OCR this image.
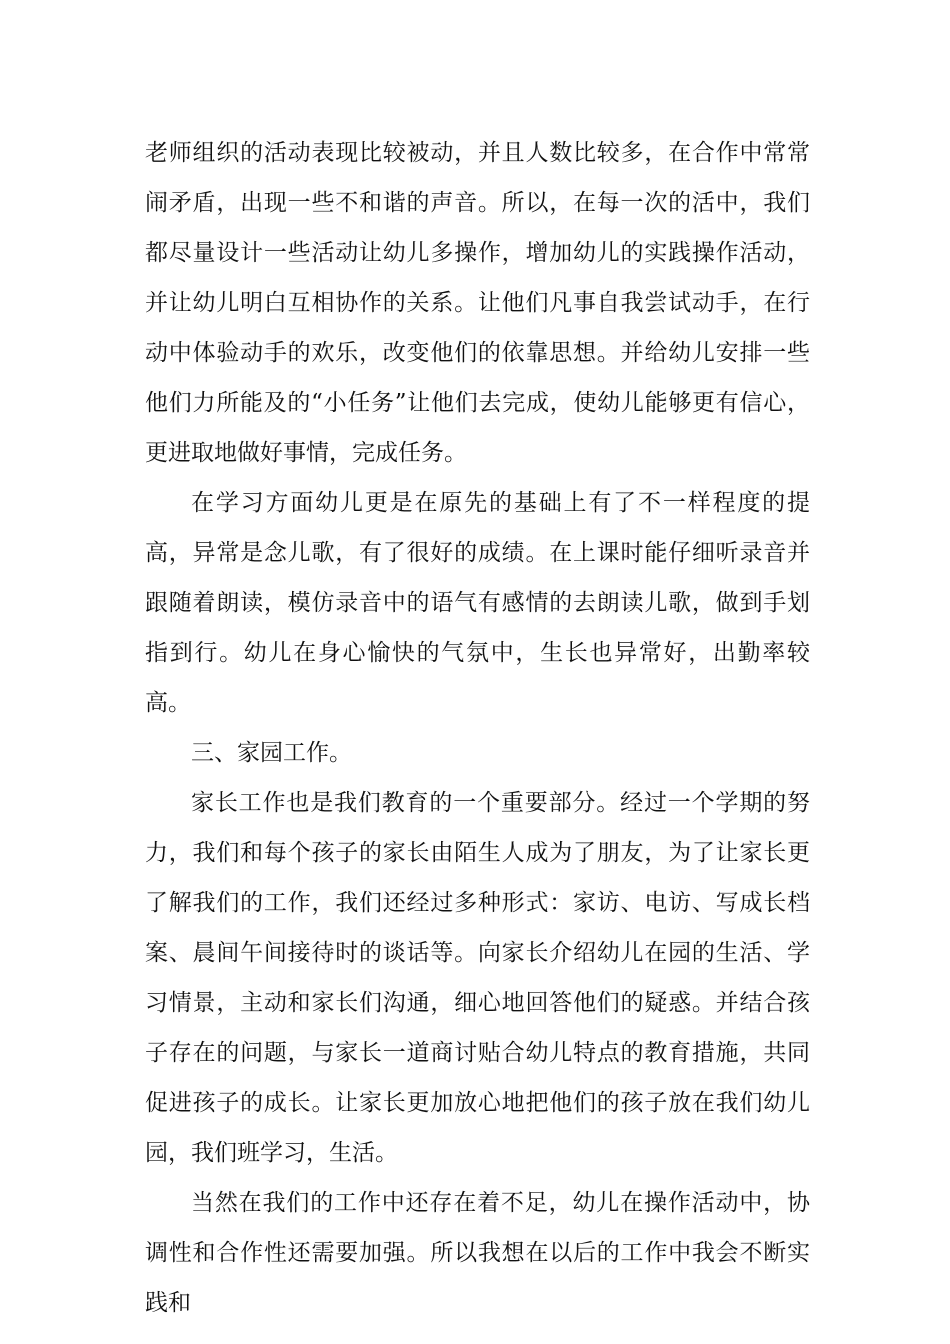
老师组织的活动表现比较被动，并且人数比较多，在合作中常常闹矛盾，出现一些不和谐的声音。所以，在每一次的活中，我们都尽量设计一些活动让幼儿多操作，增加幼儿的实践操作活动，并让幼儿明白互相协作的关系。让他们凡事自我尝试动手，在行动中体验动手的欢乐，改变他们的依靠思想。并给幼儿安排一些他们力所能及的“小任务”让他们去完成，使幼儿能够更有信心，更进取地做好事情，完成任务。

在学习方面幼儿更是在原先的基础上有了不一样程度的提高，异常是念儿歌，有了很好的成绩。在上课时能仔细听录音并跟随着朗读，模仿录音中的语气有感情的去朗读儿歌，做到手划指到行。幼儿在身心愉快的气氛中，生长也异常好，出勤率较高。

三、家园工作。

家长工作也是我们教育的一个重要部分。经过一个学期的努力，我们和每个孩子的家长由陌生人成为了朋友，为了让家长更了解我们的工作，我们还经过多种形式：家访、电访、写成长档案、晨间午间接待时的谈话等。向家长介绍幼儿在园的生活、学习情景，主动和家长们沟通，细心地回答他们的疑惑。并结合孩子存在的问题，与家长一道商讨贴合幼儿特点的教育措施，共同促进孩子的成长。让家长更加放心地把他们的孩子放在我们幼儿园，我们班学习，生活。

当然在我们的工作中还存在着不足，幼儿在操作活动中，协调性和合作性还需要加强。所以我想在以后的工作中我会不断实践和
